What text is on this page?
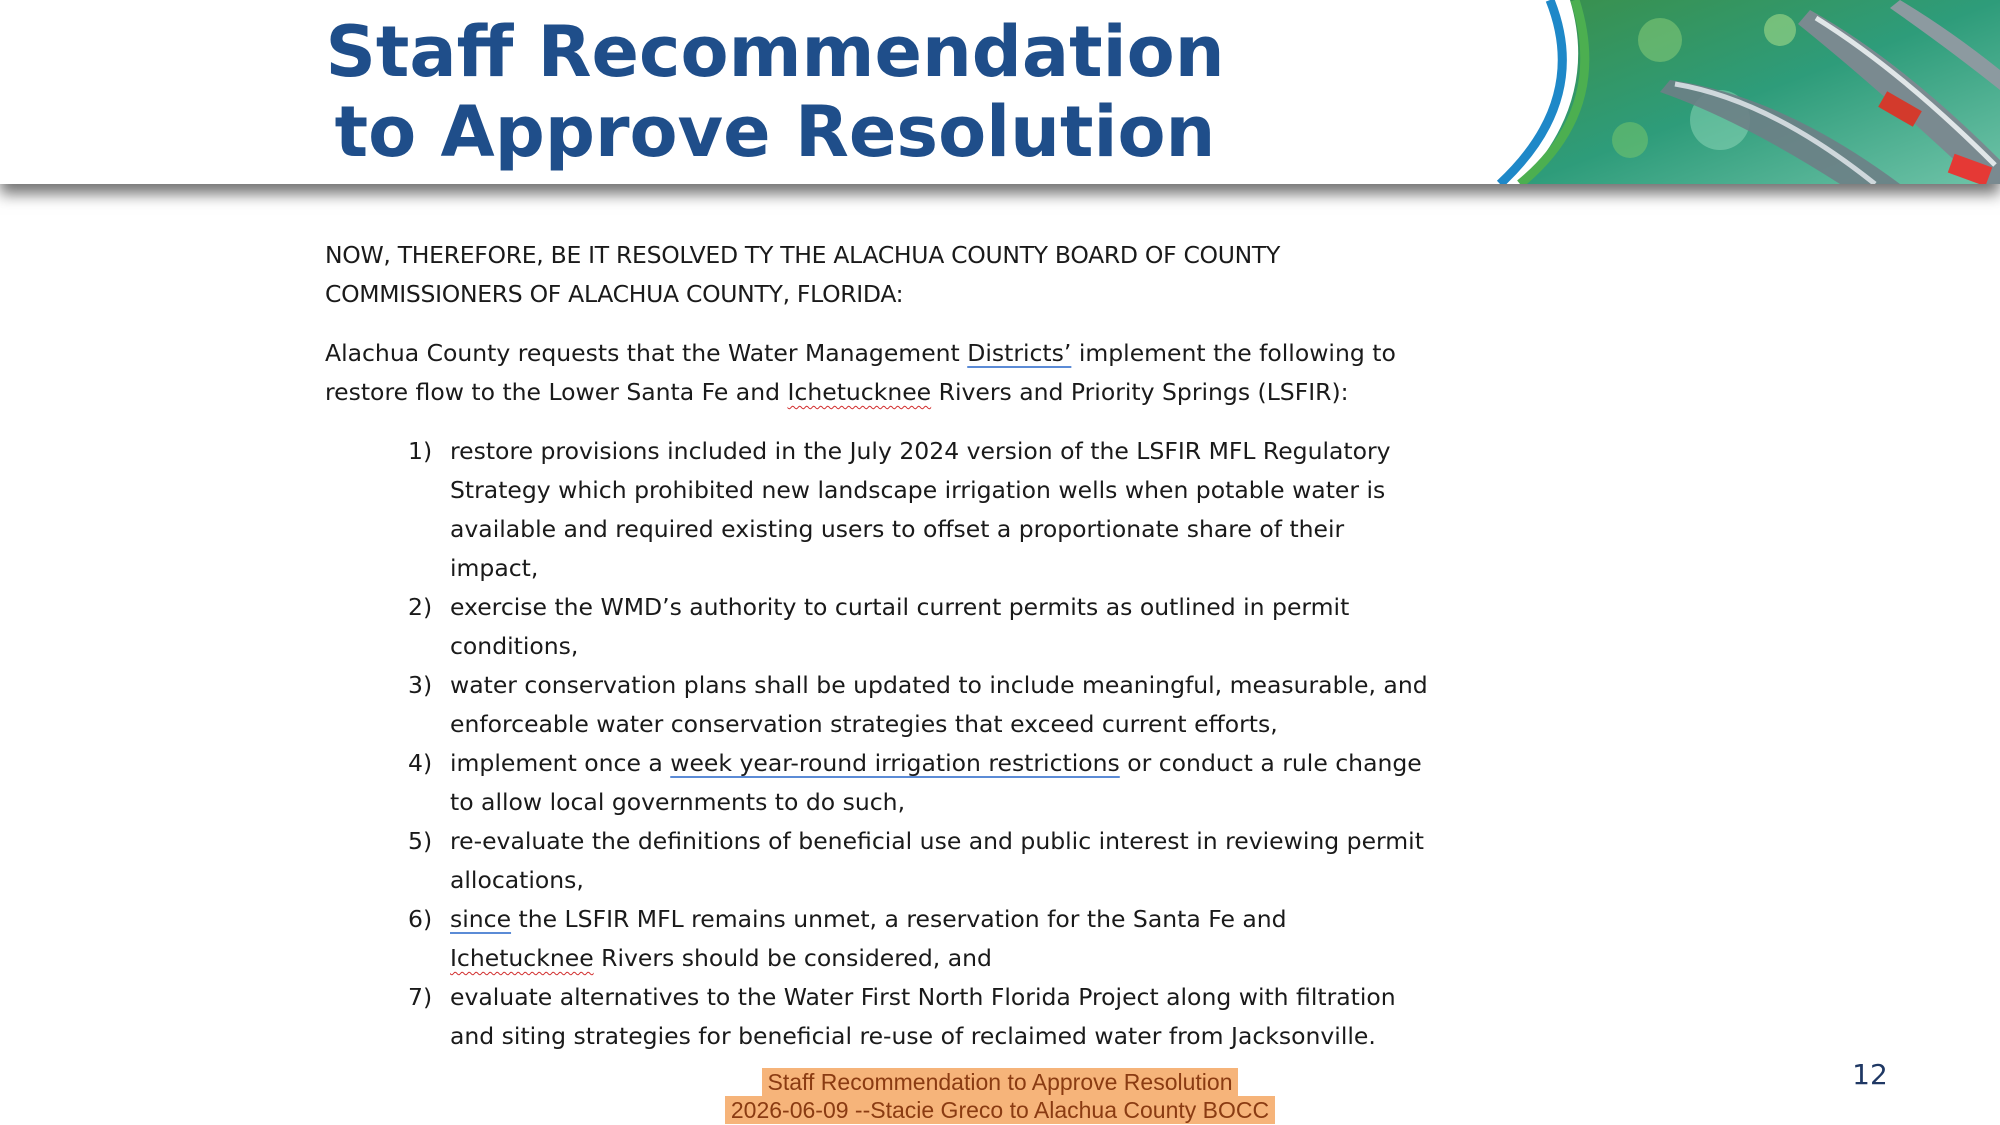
Staff Recommendation
to Approve Resolution

NOW, THEREFORE, BE IT RESOLVED TY THE ALACHUA COUNTY BOARD OF COUNTY
COMMISSIONERS OF ALACHUA COUNTY, FLORIDA:

Alachua County requests that the Water Management Districts’ implement the following to restore flow to the Lower Santa Fe and Ichetucknee Rivers and Priority Springs (LSFIR):

1) restore provisions included in the July 2024 version of the LSFIR MFL Regulatory Strategy which prohibited new landscape irrigation wells when potable water is available and required existing users to offset a proportionate share of their impact,
2) exercise the WMD’s authority to curtail current permits as outlined in permit conditions,
3) water conservation plans shall be updated to include meaningful, measurable, and enforceable water conservation strategies that exceed current efforts,
4) implement once a week year-round irrigation restrictions or conduct a rule change to allow local governments to do such,
5) re-evaluate the definitions of beneficial use and public interest in reviewing permit allocations,
6) since the LSFIR MFL remains unmet, a reservation for the Santa Fe and Ichetucknee Rivers should be considered, and
7) evaluate alternatives to the Water First North Florida Project along with filtration and siting strategies for beneficial re-use of reclaimed water from Jacksonville.
12
Staff Recommendation to Approve Resolution
2026-06-09 --Stacie Greco to Alachua County BOCC
